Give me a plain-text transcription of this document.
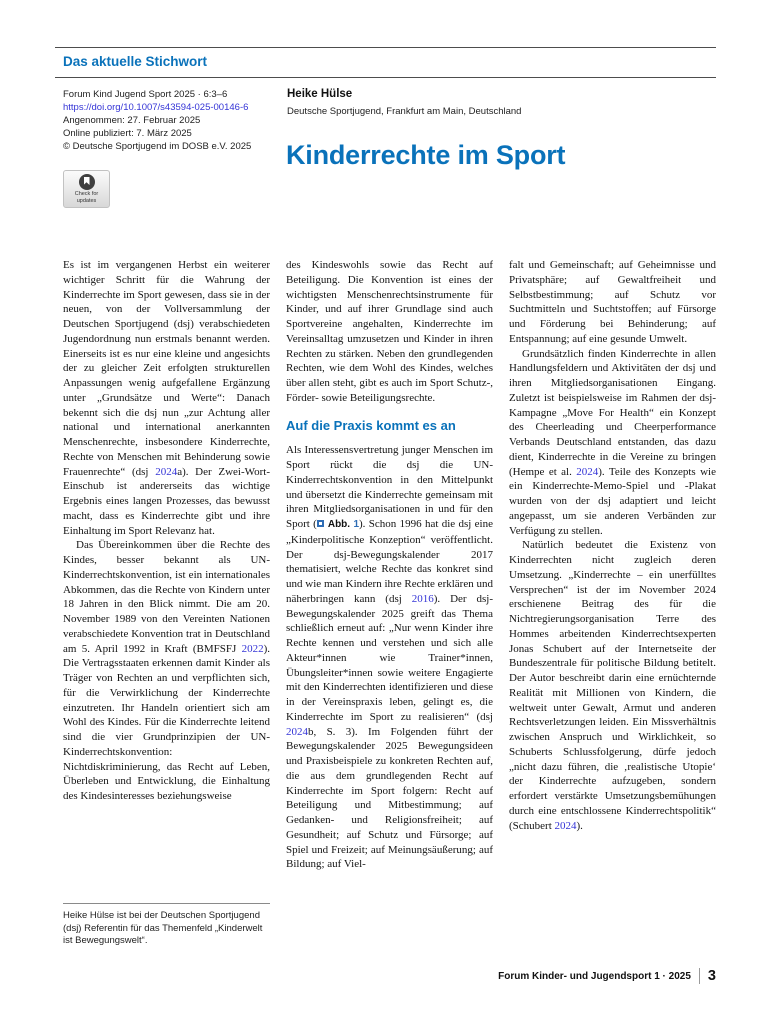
Das aktuelle Stichwort
Forum Kind Jugend Sport 2025 · 6:3–6
https://doi.org/10.1007/s43594-025-00146-6
Angenommen: 27. Februar 2025
Online publiziert: 7. März 2025
© Deutsche Sportjugend im DOSB e.V. 2025
Check for
updates
Heike Hülse
Deutsche Sportjugend, Frankfurt am Main, Deutschland
Kinderrechte im Sport

Es ist im vergangenen Herbst ein weiterer wichtiger Schritt für die Wahrung der Kinderrechte im Sport gewesen, dass sie in der neuen, von der Vollversammlung der Deutschen Sportjugend (dsj) verabschiedeten Jugendordnung nun erstmals benannt werden. Einerseits ist es nur eine kleine und angesichts der zu gleicher Zeit erfolgten strukturellen Anpassungen wenig aufgefallene Ergänzung unter „Grundsätze und Werte“: Danach bekennt sich die dsj nun „zur Achtung aller national und international anerkannten Menschenrechte, insbesondere Kinderrechte, Rechte von Menschen mit Behinderung sowie Frauenrechte“ (dsj 2024a). Der Zwei-Wort-Einschub ist andererseits das wichtige Ergebnis eines langen Prozesses, das bewusst macht, dass es Kinderrechte gibt und ihre Einhaltung im Sport Relevanz hat.

Das Übereinkommen über die Rechte des Kindes, besser bekannt als UN-Kinderrechtskonvention, ist ein internationales Abkommen, das die Rechte von Kindern unter 18 Jahren in den Blick nimmt. Die am 20. November 1989 von den Vereinten Nationen verabschiedete Konvention trat in Deutschland am 5. April 1992 in Kraft (BMFSFJ 2022). Die Vertragsstaaten erkennen damit Kinder als Träger von Rechten an und verpflichten sich, für die Verwirklichung der Kinderrechte einzutreten. Ihr Handeln orientiert sich am Wohl des Kindes. Für die Kinderrechte leitend sind die vier Grundprinzipien der UN-Kinderrechtskonvention: Nichtdiskriminierung, das Recht auf Leben, Überleben und Entwicklung, die Einhaltung des Kindesinteresses beziehungsweise

des Kindeswohls sowie das Recht auf Beteiligung. Die Konvention ist eines der wichtigsten Menschenrechtsinstrumente für Kinder, und auf ihrer Grundlage sind auch Sportvereine angehalten, Kinderrechte im Vereinsalltag umzusetzen und Kinder in ihren Rechten zu stärken. Neben den grundlegenden Rechten, wie dem Wohl des Kindes, welches über allen steht, gibt es auch im Sport Schutz-, Förder- sowie Beteiligungsrechte.

Auf die Praxis kommt es an

Als Interessensvertretung junger Menschen im Sport rückt die dsj die UN-Kinderrechtskonvention in den Mittelpunkt und übersetzt die Kinderrechte gemeinsam mit ihren Mitgliedsorganisationen in und für den Sport ( Abb. 1). Schon 1996 hat die dsj eine „Kinderpolitische Konzeption“ veröffentlicht. Der dsj-Bewegungskalender 2017 thematisiert, welche Rechte das konkret sind und wie man Kindern ihre Rechte erklären und näherbringen kann (dsj 2016). Der dsj-Bewegungskalender 2025 greift das Thema schließlich erneut auf: „Nur wenn Kinder ihre Rechte kennen und verstehen und sich alle Akteur*innen wie Trainer*innen, Übungsleiter*innen sowie weitere Engagierte mit den Kinderrechten identifizieren und diese in der Vereinspraxis leben, gelingt es, die Kinderrechte im Sport zu realisieren“ (dsj 2024b, S. 3). Im Folgenden führt der Bewegungskalender 2025 Bewegungsideen und Praxisbeispiele zu konkreten Rechten auf, die aus dem grundlegenden Recht auf Kinderrechte im Sport folgern: Recht auf Beteiligung und Mitbestimmung; auf Gedanken- und Religionsfreiheit; auf Gesundheit; auf Schutz und Fürsorge; auf Spiel und Freizeit; auf Meinungsäußerung; auf Bildung; auf Viel-

falt und Gemeinschaft; auf Geheimnisse und Privatsphäre; auf Gewaltfreiheit und Selbstbestimmung; auf Schutz vor Suchtmitteln und Suchtstoffen; auf Fürsorge und Förderung bei Behinderung; auf Entspannung; auf eine gesunde Umwelt.

Grundsätzlich finden Kinderrechte in allen Handlungsfeldern und Aktivitäten der dsj und ihren Mitgliedsorganisationen Eingang. Zuletzt ist beispielsweise im Rahmen der dsj-Kampagne „Move For Health“ ein Konzept des Cheerleading und Cheerperformance Verbands Deutschland entstanden, das dazu dient, Kinderrechte in die Vereine zu bringen (Hempe et al. 2024). Teile des Konzepts wie ein Kinderrechte-Memo-Spiel und -Plakat wurden von der dsj adaptiert und leicht angepasst, um sie anderen Verbänden zur Verfügung zu stellen.

Natürlich bedeutet die Existenz von Kinderrechten nicht zugleich deren Umsetzung. „Kinderrechte – ein unerfülltes Versprechen“ ist der im November 2024 erschienene Beitrag des für die Nichtregierungsorganisation Terre des Hommes arbeitenden Kinderrechtsexperten Jonas Schubert auf der Internetseite der Bundeszentrale für politische Bildung betitelt. Der Autor beschreibt darin eine ernüchternde Realität mit Millionen von Kindern, die weltweit unter Gewalt, Armut und anderen Rechtsverletzungen leiden. Ein Missverhältnis zwischen Anspruch und Wirklichkeit, so Schuberts Schlussfolgerung, dürfe jedoch „nicht dazu führen, die ‚realistische Utopie‘ der Kinderrechte aufzugeben, sondern erfordert verstärkte Umsetzungsbemühungen durch eine entschlossene Kinderrechtspolitik“ (Schubert 2024).

Heike Hülse ist bei der Deutschen Sportjugend (dsj) Referentin für das Themenfeld „Kinderwelt ist Bewegungswelt“.
Forum Kinder- und Jugendsport 1 · 2025 3
